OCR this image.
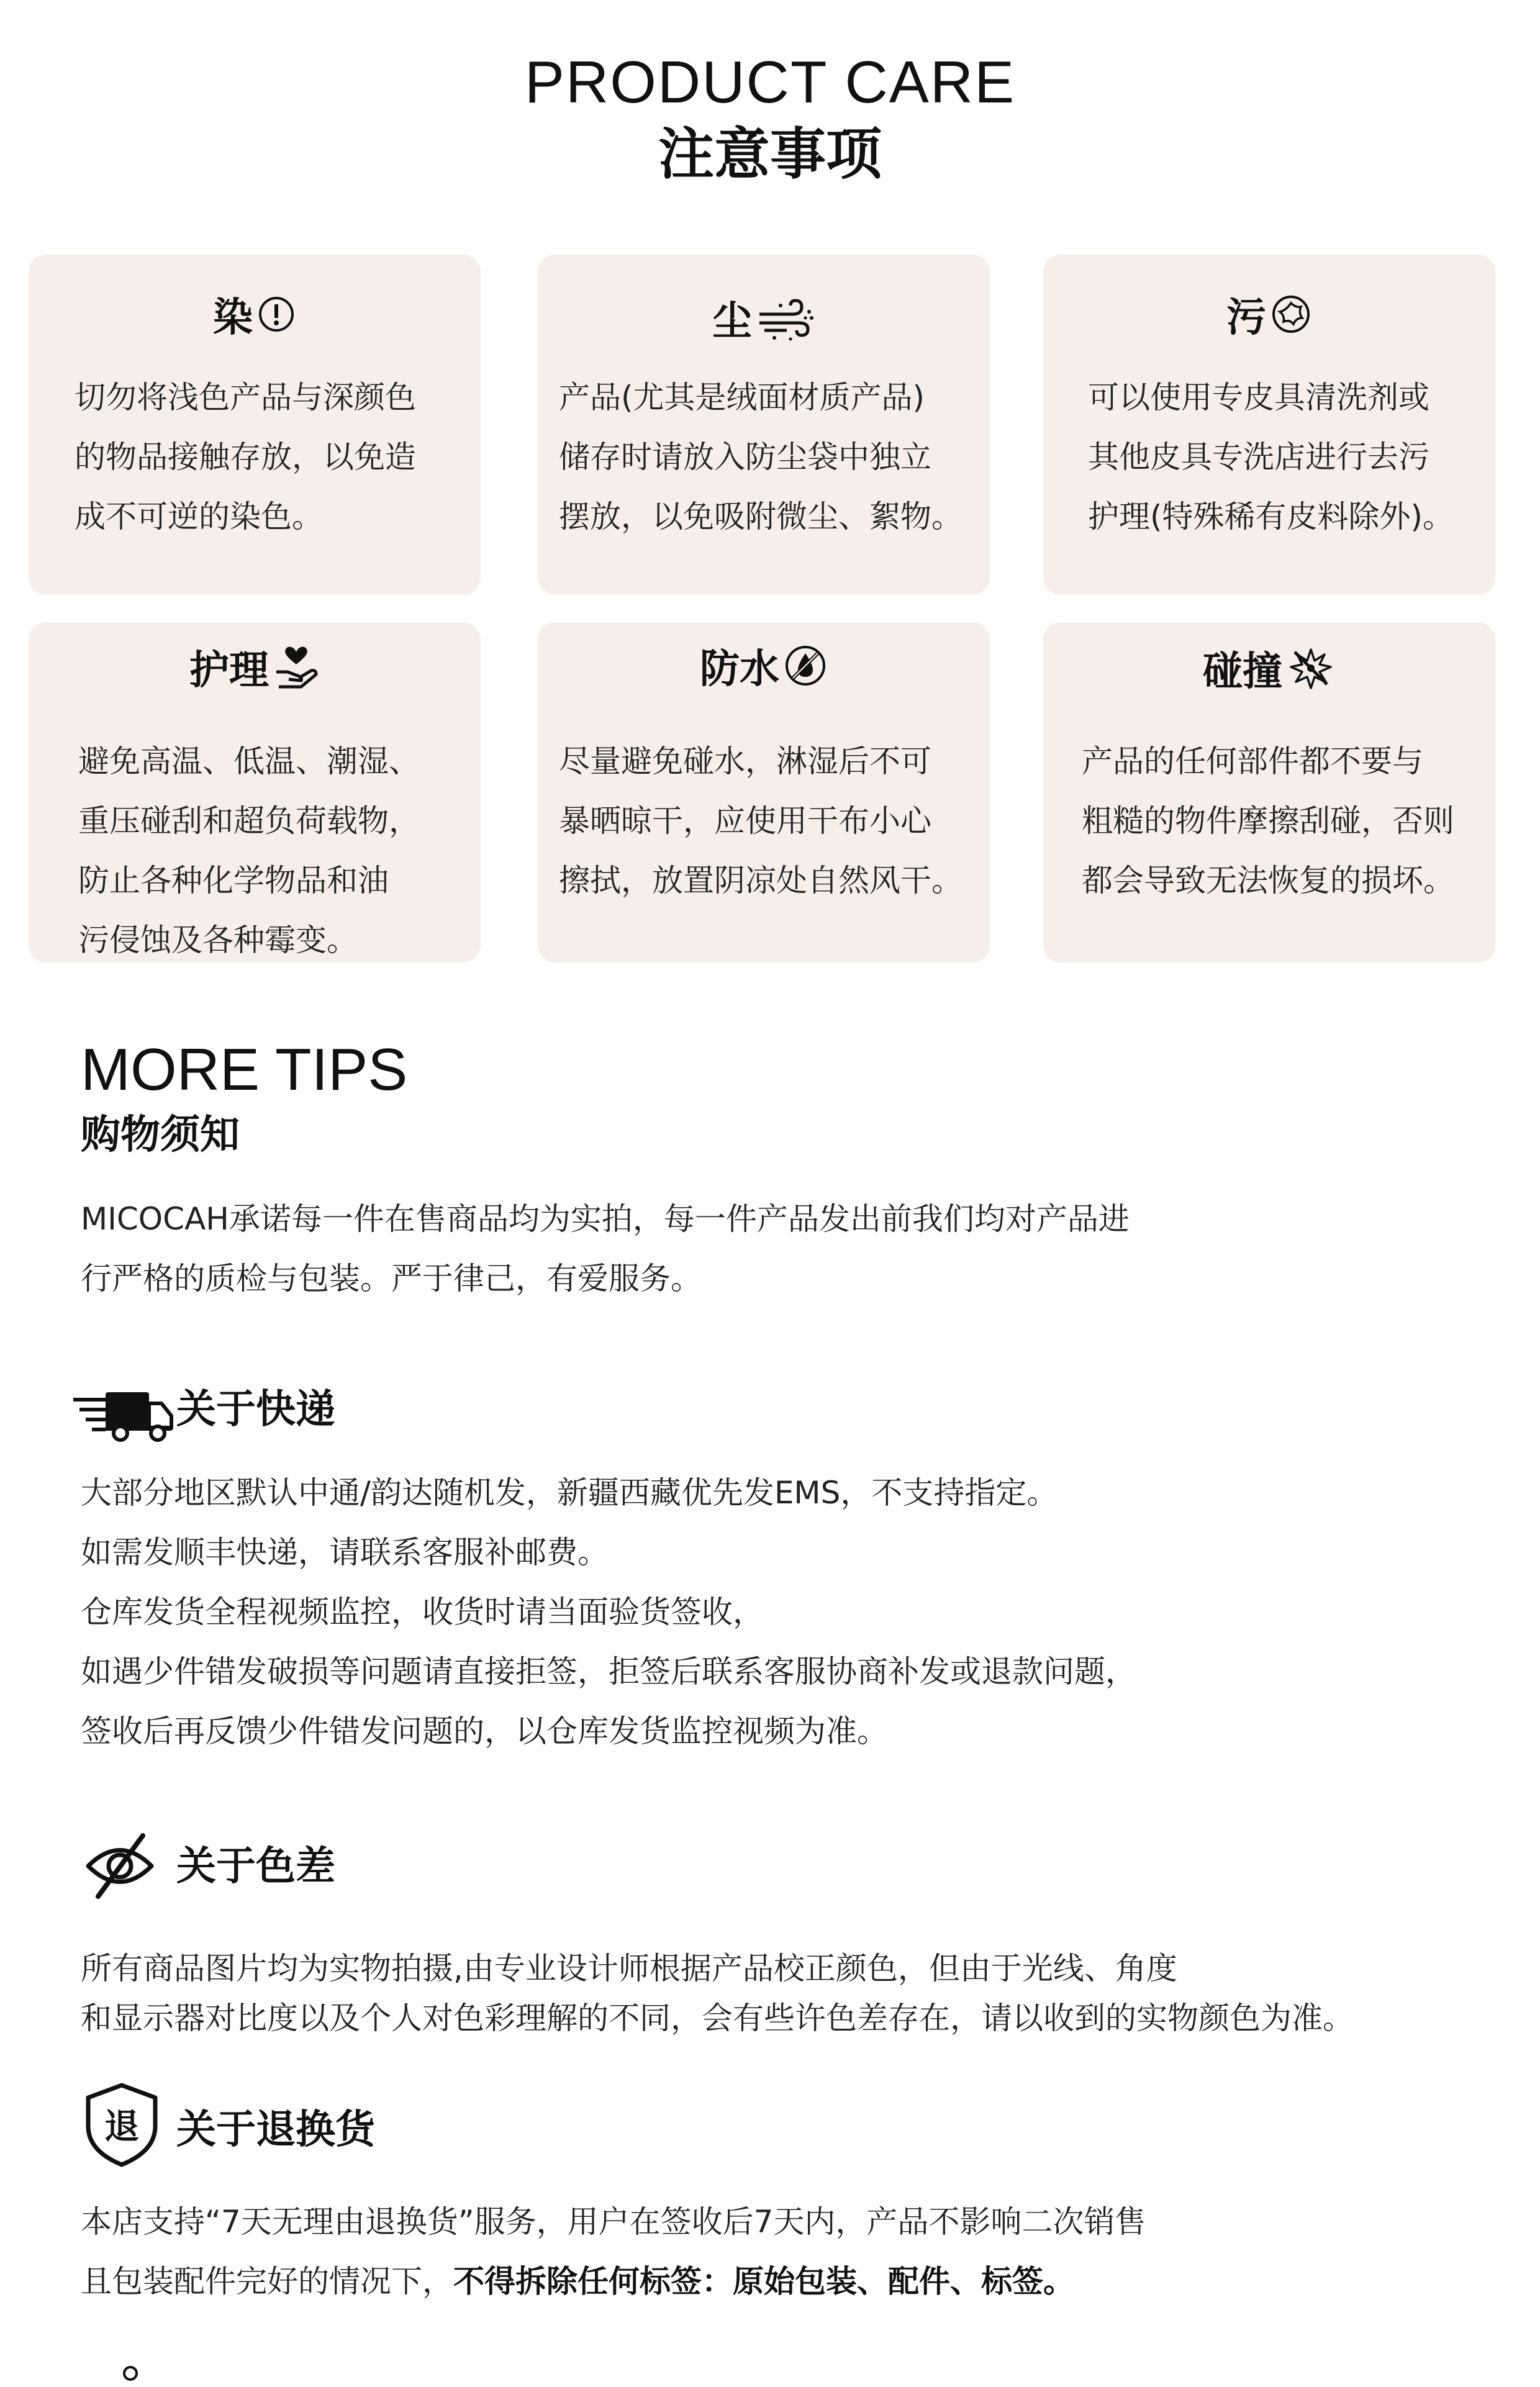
PRODUCT CARE
注意事项
染
切勿将浅色产品与深颜色
的物品接触存放，以免造
成不可逆的染色。
尘
产品(尤其是绒面材质产品)
储存时请放入防尘袋中独立
摆放，以免吸附微尘、絮物。
污
可以使用专皮具清洗剂或
其他皮具专洗店进行去污
护理(特殊稀有皮料除外)。
护理
避免高温、低温、潮湿、
重压碰刮和超负荷载物，
防止各种化学物品和油
污侵蚀及各种霉变。
防水
尽量避免碰水，淋湿后不可
暴晒晾干，应使用干布小心
擦拭，放置阴凉处自然风干。
碰撞
产品的任何部件都不要与
粗糙的物件摩擦刮碰，否则
都会导致无法恢复的损坏。
MORE TIPS
购物须知
MICOCAH承诺每一件在售商品均为实拍，每一件产品发出前我们均对产品进
行严格的质检与包装。严于律己，有爱服务。
关于快递
大部分地区默认中通/韵达随机发，新疆西藏优先发EMS，不支持指定。
如需发顺丰快递，请联系客服补邮费。
仓库发货全程视频监控，收货时请当面验货签收，
如遇少件错发破损等问题请直接拒签，拒签后联系客服协商补发或退款问题，
签收后再反馈少件错发问题的，以仓库发货监控视频为准。
关于色差
所有商品图片均为实物拍摄,由专业设计师根据产品校正颜色，但由于光线、角度
和显示器对比度以及个人对色彩理解的不同，会有些许色差存在，请以收到的实物颜色为准。
退 关于退换货
本店支持“7天无理由退换货”服务，用户在签收后7天内，产品不影响二次销售
且包装配件完好的情况下，不得拆除任何标签：原始包装、配件、标签。
